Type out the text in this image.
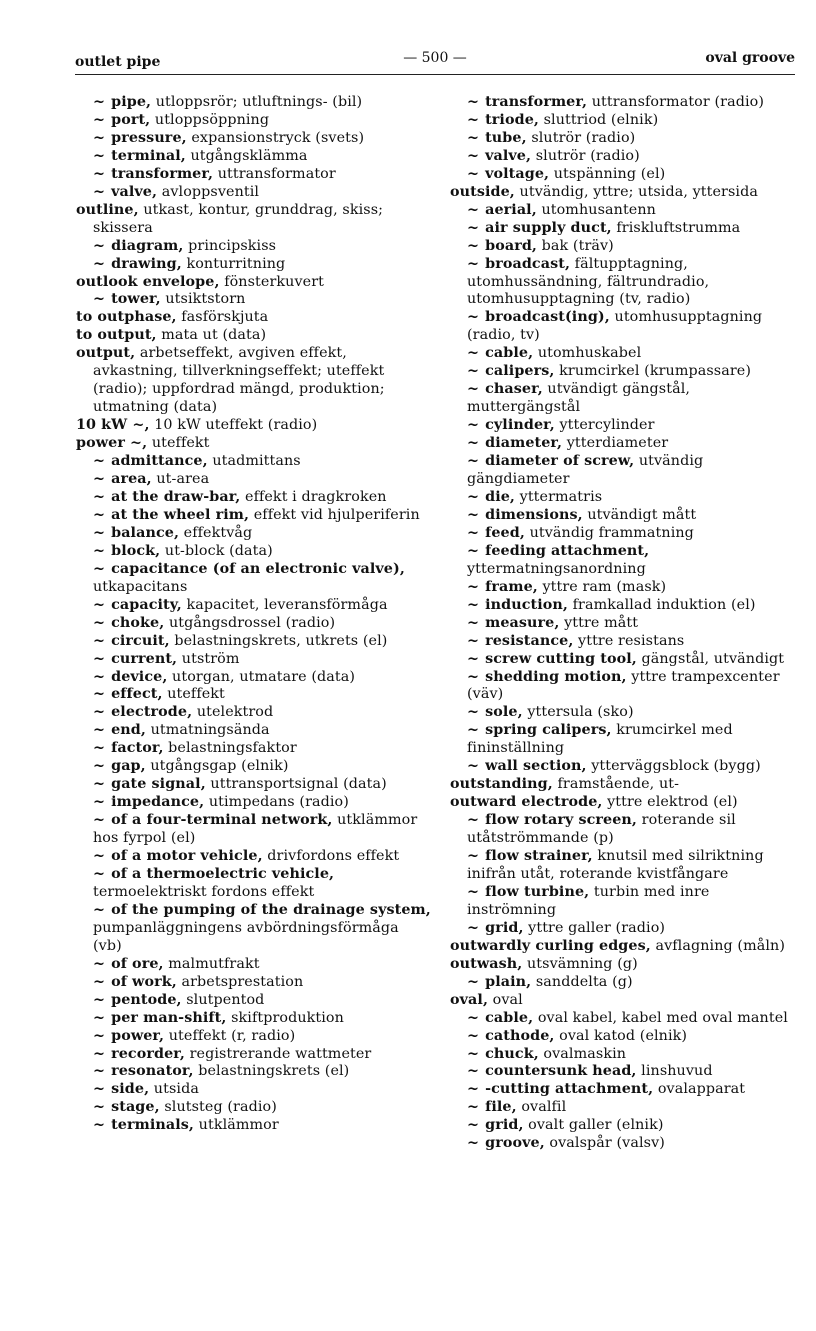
outlet pipe	— 500 —	oval groove
~ pipe, utloppsrör; utluftnings- (bil)
~ port, utloppsöppning
~ pressure, expansionstryck (svets)
~ terminal, utgångsklämma
~ transformer, uttransformator
~ valve, avloppsventil
outline, utkast, kontur, grunddrag, skiss; skissera
~ diagram, principskiss
~ drawing, konturritning
outlook envelope, fönsterkuvert
~ tower, utsiktstorn
to outphase, fasförskjuta
to output, mata ut (data)
output, arbetseffekt, avgiven effekt, avkastning, tillverkningseffekt; uteffekt (radio); uppfordrad mängd, produktion; utmatning (data)
10 kW ~, 10 kW uteffekt (radio)
power ~, uteffekt
~ admittance, utadmittans
~ area, ut-area
~ at the draw-bar, effekt i dragkroken
~ at the wheel rim, effekt vid hjulperiferin
~ balance, effektvåg
~ block, ut-block (data)
~ capacitance (of an electronic valve), utkapacitans
~ capacity, kapacitet, leveransförmåga
~ choke, utgångsdrossel (radio)
~ circuit, belastningskrets, utkrets (el)
~ current, utström
~ device, utorgan, utmatare (data)
~ effect, uteffekt
~ electrode, utelektrod
~ end, utmatningsända
~ factor, belastningsfaktor
~ gap, utgångsgap (elnik)
~ gate signal, uttransportsignal (data)
~ impedance, utimpedans (radio)
~ of a four-terminal network, utklämmor hos fyrpol (el)
~ of a motor vehicle, drivfordons effekt
~ of a thermoelectric vehicle, termoelektriskt fordons effekt
~ of the pumping of the drainage system, pumpanläggningens avbördningsförmåga (vb)
~ of ore, malmutfrakt
~ of work, arbetsprestation
~ pentode, slutpentod
~ per man-shift, skiftproduktion
~ power, uteffekt (r, radio)
~ recorder, registrerande wattmeter
~ resonator, belastningskrets (el)
~ side, utsida
~ stage, slutsteg (radio)
~ terminals, utklämmor
~ transformer, uttransformator (radio)
~ triode, sluttriod (elnik)
~ tube, slutrör (radio)
~ valve, slutrör (radio)
~ voltage, utspänning (el)
outside, utvändig, yttre; utsida, yttersida
~ aerial, utomhusantenn
~ air supply duct, friskluftstrumma
~ board, bak (träv)
~ broadcast, fältupptagning, utomhussändning, fältrundradio, utomhusupptagning (tv, radio)
~ broadcast(ing), utomhusupptagning (radio, tv)
~ cable, utomhuskabel
~ calipers, krumcirkel (krumpassare)
~ chaser, utvändigt gängstål, muttergängstål
~ cylinder, yttercylinder
~ diameter, ytterdiameter
~ diameter of screw, utvändig gängdiameter
~ die, yttermatris
~ dimensions, utvändigt mått
~ feed, utvändig frammatning
~ feeding attachment, yttermatningsanordning
~ frame, yttre ram (mask)
~ induction, framkallad induktion (el)
~ measure, yttre mått
~ resistance, yttre resistans
~ screw cutting tool, gängstål, utvändigt
~ shedding motion, yttre trampexcenter (väv)
~ sole, yttersula (sko)
~ spring calipers, krumcirkel med fininställning
~ wall section, ytterväggsblock (bygg)
outstanding, framstående, ut-
outward electrode, yttre elektrod (el)
~ flow rotary screen, roterande sil utåtströmmande (p)
~ flow strainer, knutsil med silriktning inifrån utåt, roterande kvistfångare
~ flow turbine, turbin med inre inströmning
~ grid, yttre galler (radio)
outwardly curling edges, avflagning (måln)
outwash, utsvämning (g)
~ plain, sanddelta (g)
oval, oval
~ cable, oval kabel, kabel med oval mantel
~ cathode, oval katod (elnik)
~ chuck, ovalmaskin
~ countersunk head, linshuvud
~ -cutting attachment, ovalapparat
~ file, ovalfil
~ grid, ovalt galler (elnik)
~ groove, ovalspår (valsv)
